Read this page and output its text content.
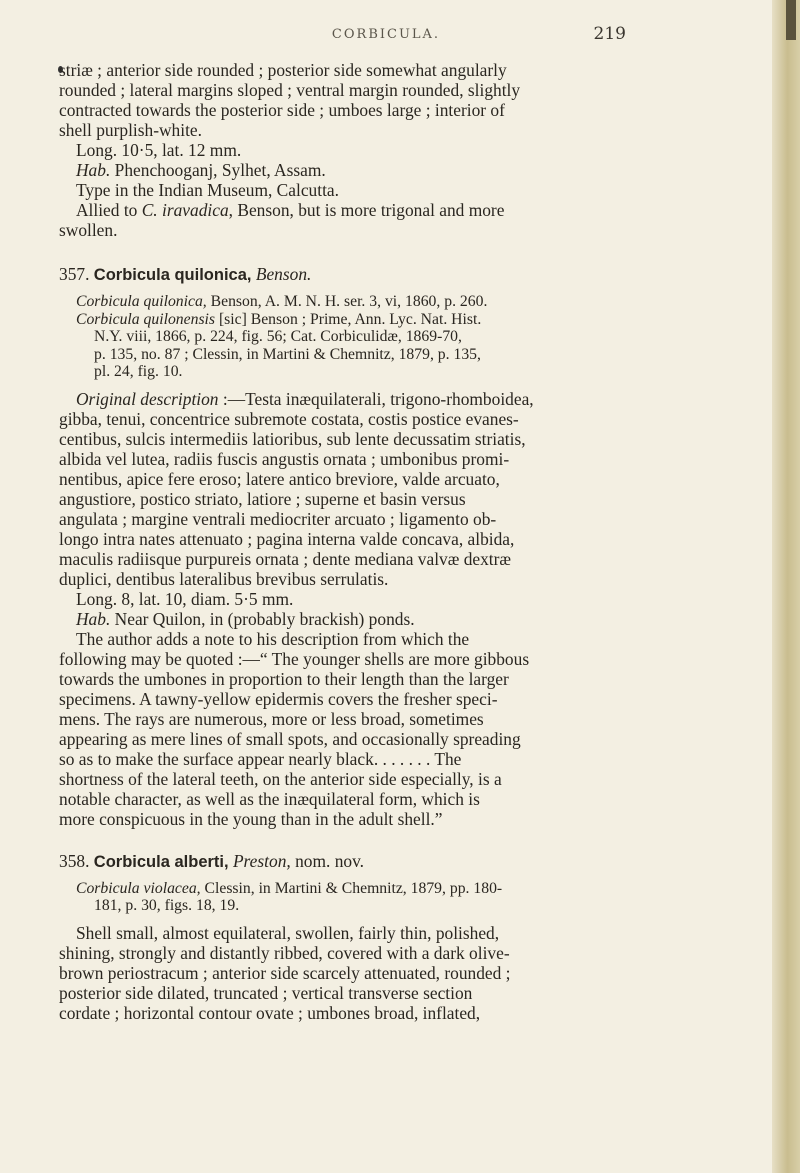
CORBICULA.	219
striæ ; anterior side rounded ; posterior side somewhat angularly
rounded ; lateral margins sloped ; ventral margin rounded, slightly
contracted towards the posterior side ; umboes large ; interior of
shell purplish-white.
Long. 10·5, lat. 12 mm.
Hab. Phenchooganj, Sylhet, Assam.
Type in the Indian Museum, Calcutta.
Allied to C. iravadica, Benson, but is more trigonal and more
swollen.
357. Corbicula quilonica, Benson.
Corbicula quilonica, Benson, A. M. N. H. ser. 3, vi, 1860, p. 260.
Corbicula quilonensis [sic] Benson ; Prime, Ann. Lyc. Nat. Hist.
N.Y. viii, 1866, p. 224, fig. 56; Cat. Corbiculidæ, 1869-70,
p. 135, no. 87 ; Clessin, in Martini & Chemnitz, 1879, p. 135,
pl. 24, fig. 10.
Original description :—Testa inæquilaterali, trigono-rhomboidea,
gibba, tenui, concentrice subremote costata, costis postice evanes-
centibus, sulcis intermediis latioribus, sub lente decussatim striatis,
albida vel lutea, radiis fuscis angustis ornata ; umbonibus promi-
nentibus, apice fere eroso; latere antico breviore, valde arcuato,
angustiore, postico striato, latiore ; superne et basin versus
angulata ; margine ventrali mediocriter arcuato ; ligamento ob-
longo intra nates attenuato ; pagina interna valde concava, albida,
maculis radiisque purpureis ornata ; dente mediana valvæ dextræ
duplici, dentibus lateralibus brevibus serrulatis.
Long. 8, lat. 10, diam. 5·5 mm.
Hab. Near Quilon, in (probably brackish) ponds.
The author adds a note to his description from which the
following may be quoted :—“ The younger shells are more gibbous
towards the umbones in proportion to their length than the larger
specimens. A tawny-yellow epidermis covers the fresher speci-
mens. The rays are numerous, more or less broad, sometimes
appearing as mere lines of small spots, and occasionally spreading
so as to make the surface appear nearly black. . . . . . . The
shortness of the lateral teeth, on the anterior side especially, is a
notable character, as well as the inæquilateral form, which is
more conspicuous in the young than in the adult shell.”
358. Corbicula alberti, Preston, nom. nov.
Corbicula violacea, Clessin, in Martini & Chemnitz, 1879, pp. 180-
181, p. 30, figs. 18, 19.
Shell small, almost equilateral, swollen, fairly thin, polished,
shining, strongly and distantly ribbed, covered with a dark olive-
brown periostracum ; anterior side scarcely attenuated, rounded ;
posterior side dilated, truncated ; vertical transverse section
cordate ; horizontal contour ovate ; umbones broad, inflated,
